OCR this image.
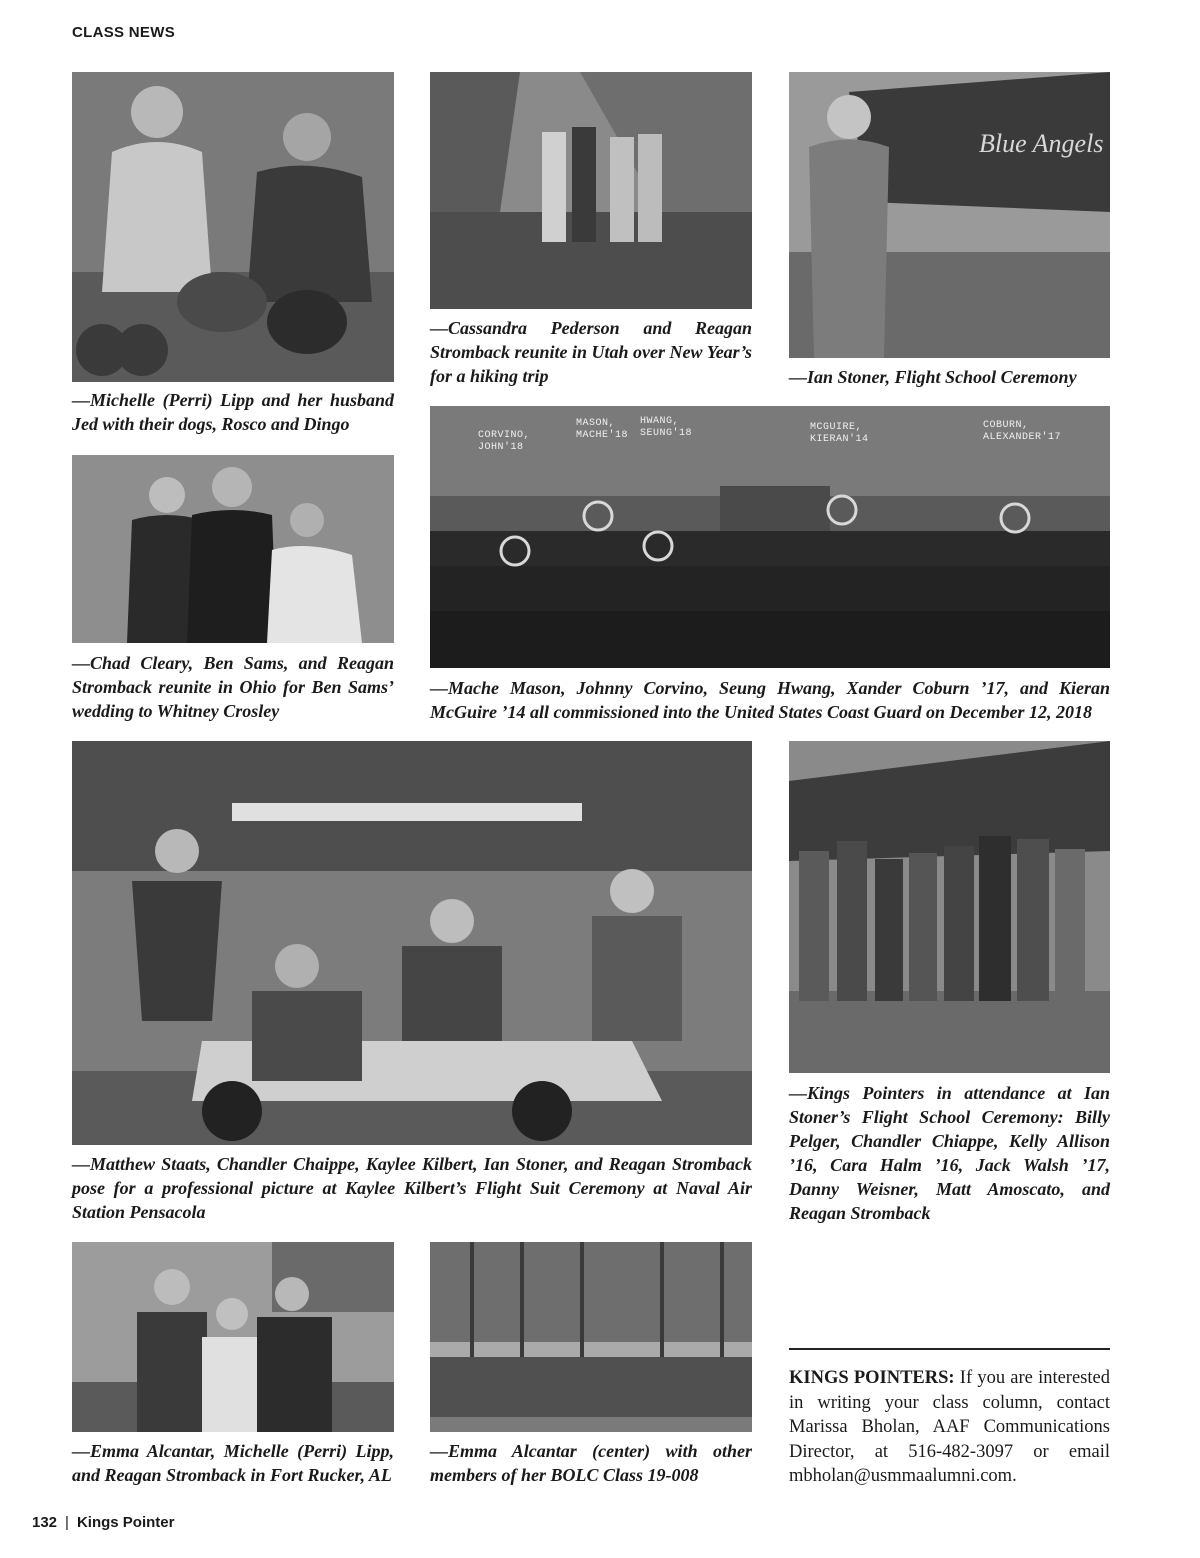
CLASS NEWS

—Michelle (Perri) Lipp and her husband Jed with their dogs, Rosco and Dingo

—Cassandra Pederson and Reagan Stromback reunite in Utah over New Year’s for a hiking trip

Blue Angels

—Ian Stoner, Flight School Ceremony

—Chad Cleary, Ben Sams, and Reagan Stromback reunite in Ohio for Ben Sams’ wedding to Whitney Crosley

CORVINO,
JOHN'18
MASON,
MACHE'18
HWANG,
SEUNG'18
MCGUIRE,
KIERAN'14
COBURN,
ALEXANDER'17

—Mache Mason, Johnny Corvino, Seung Hwang, Xander Coburn ’17, and Kieran McGuire ’14 all commissioned into the United States Coast Guard on December 12, 2018

—Matthew Staats, Chandler Chaippe, Kaylee Kilbert, Ian Stoner, and Reagan Stromback pose for a professional picture at Kaylee Kilbert’s Flight Suit Ceremony at Naval Air Station Pensacola

—Kings Pointers in attendance at Ian Stoner’s Flight School Ceremony: Billy Pelger, Chandler Chiappe, Kelly Allison ’16, Cara Halm ’16, Jack Walsh ’17, Danny Weisner, Matt Amoscato, and Reagan Stromback

—Emma Alcantar, Michelle (Perri) Lipp, and Reagan Stromback in Fort Rucker, AL

—Emma Alcantar (center) with other members of her BOLC Class 19-008

KINGS POINTERS: If you are interested in writing your class column, contact Marissa Bholan, AAF Communications Director, at 516-482-3097 or email mbholan@usmmaalumni.com.

132 | Kings Pointer
